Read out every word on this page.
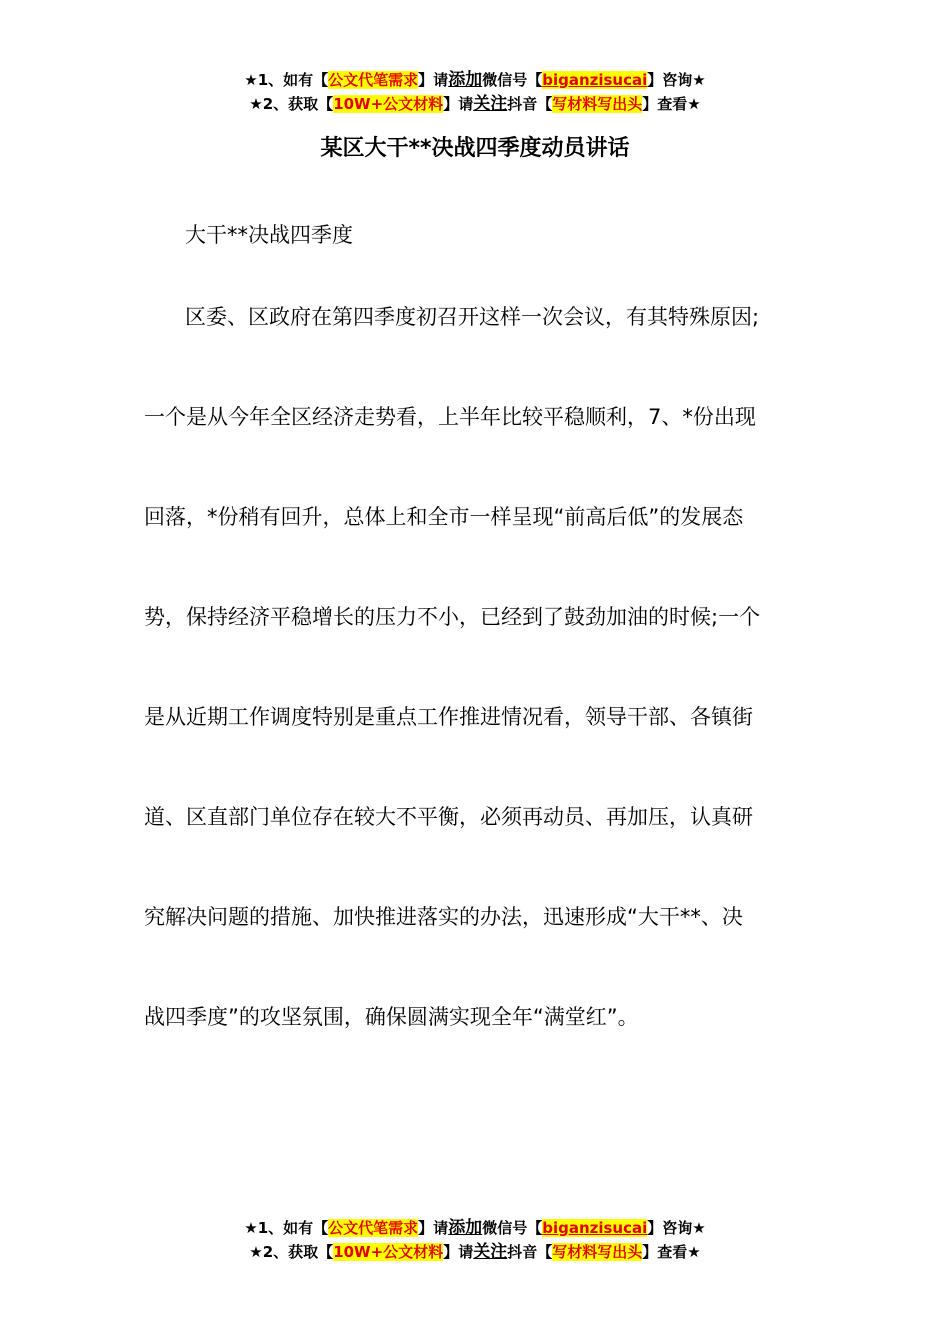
★1、如有【公文代笔需求】请添加微信号【biganzisucai】咨询★
★2、获取【10W+公文材料】请关注抖音【写材料写出头】查看★
某区大干**决战四季度动员讲话
大干**决战四季度
区委、区政府在第四季度初召开这样一次会议，有其特殊原因;
一个是从今年全区经济走势看，上半年比较平稳顺利，7、*份出现
回落，*份稍有回升，总体上和全市一样呈现“前高后低”的发展态
势，保持经济平稳增长的压力不小，已经到了鼓劲加油的时候;一个
是从近期工作调度特别是重点工作推进情况看，领导干部、各镇街
道、区直部门单位存在较大不平衡，必须再动员、再加压，认真研
究解决问题的措施、加快推进落实的办法，迅速形成“大干**、决
战四季度”的攻坚氛围，确保圆满实现全年“满堂红”。
★1、如有【公文代笔需求】请添加微信号【biganzisucai】咨询★
★2、获取【10W+公文材料】请关注抖音【写材料写出头】查看★
